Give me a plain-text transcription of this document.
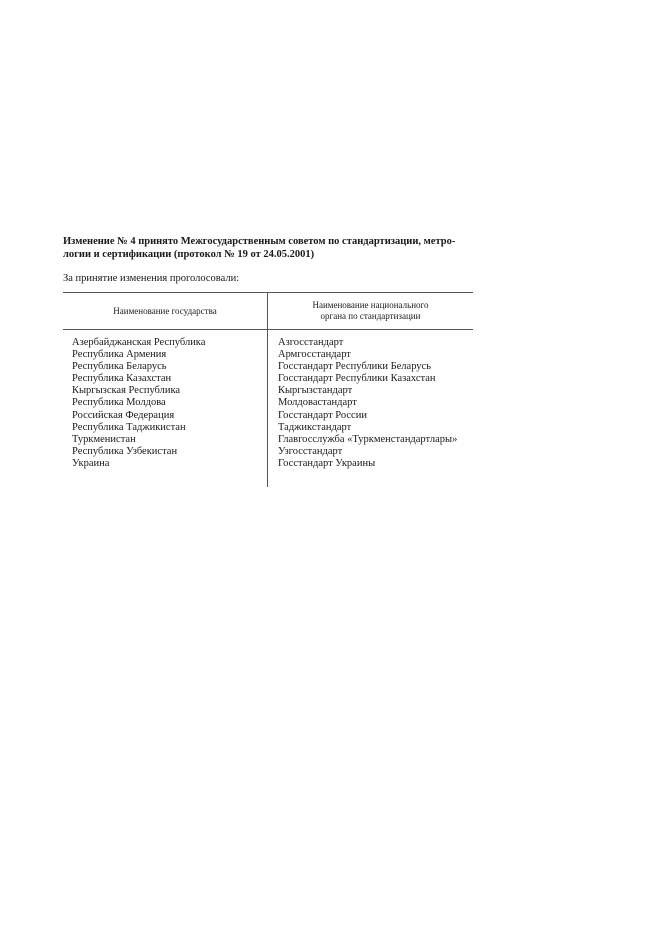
Изменение № 4 принято Межгосударственным советом по стандартизации, метро-
логии и сертификации (протокол № 19 от 24.05.2001)

За принятие изменения проголосовали:
Наименование государства
Наименование национального
органа по стандартизации
Азербайджанская Республика
Республика Армения
Республика Беларусь
Республика Казахстан
Кыргызская Республика
Республика Молдова
Российская Федерация
Республика Таджикистан
Туркменистан
Республика Узбекистан
Украина
Азгосстандарт
Армгосстандарт
Госстандарт Республики Беларусь
Госстандарт Республики Казахстан
Кыргызстандарт
Молдовастандарт
Госстандарт России
Таджикстандарт
Главгосслужба «Туркменстандартлары»
Узгосстандарт
Госстандарт Украины
